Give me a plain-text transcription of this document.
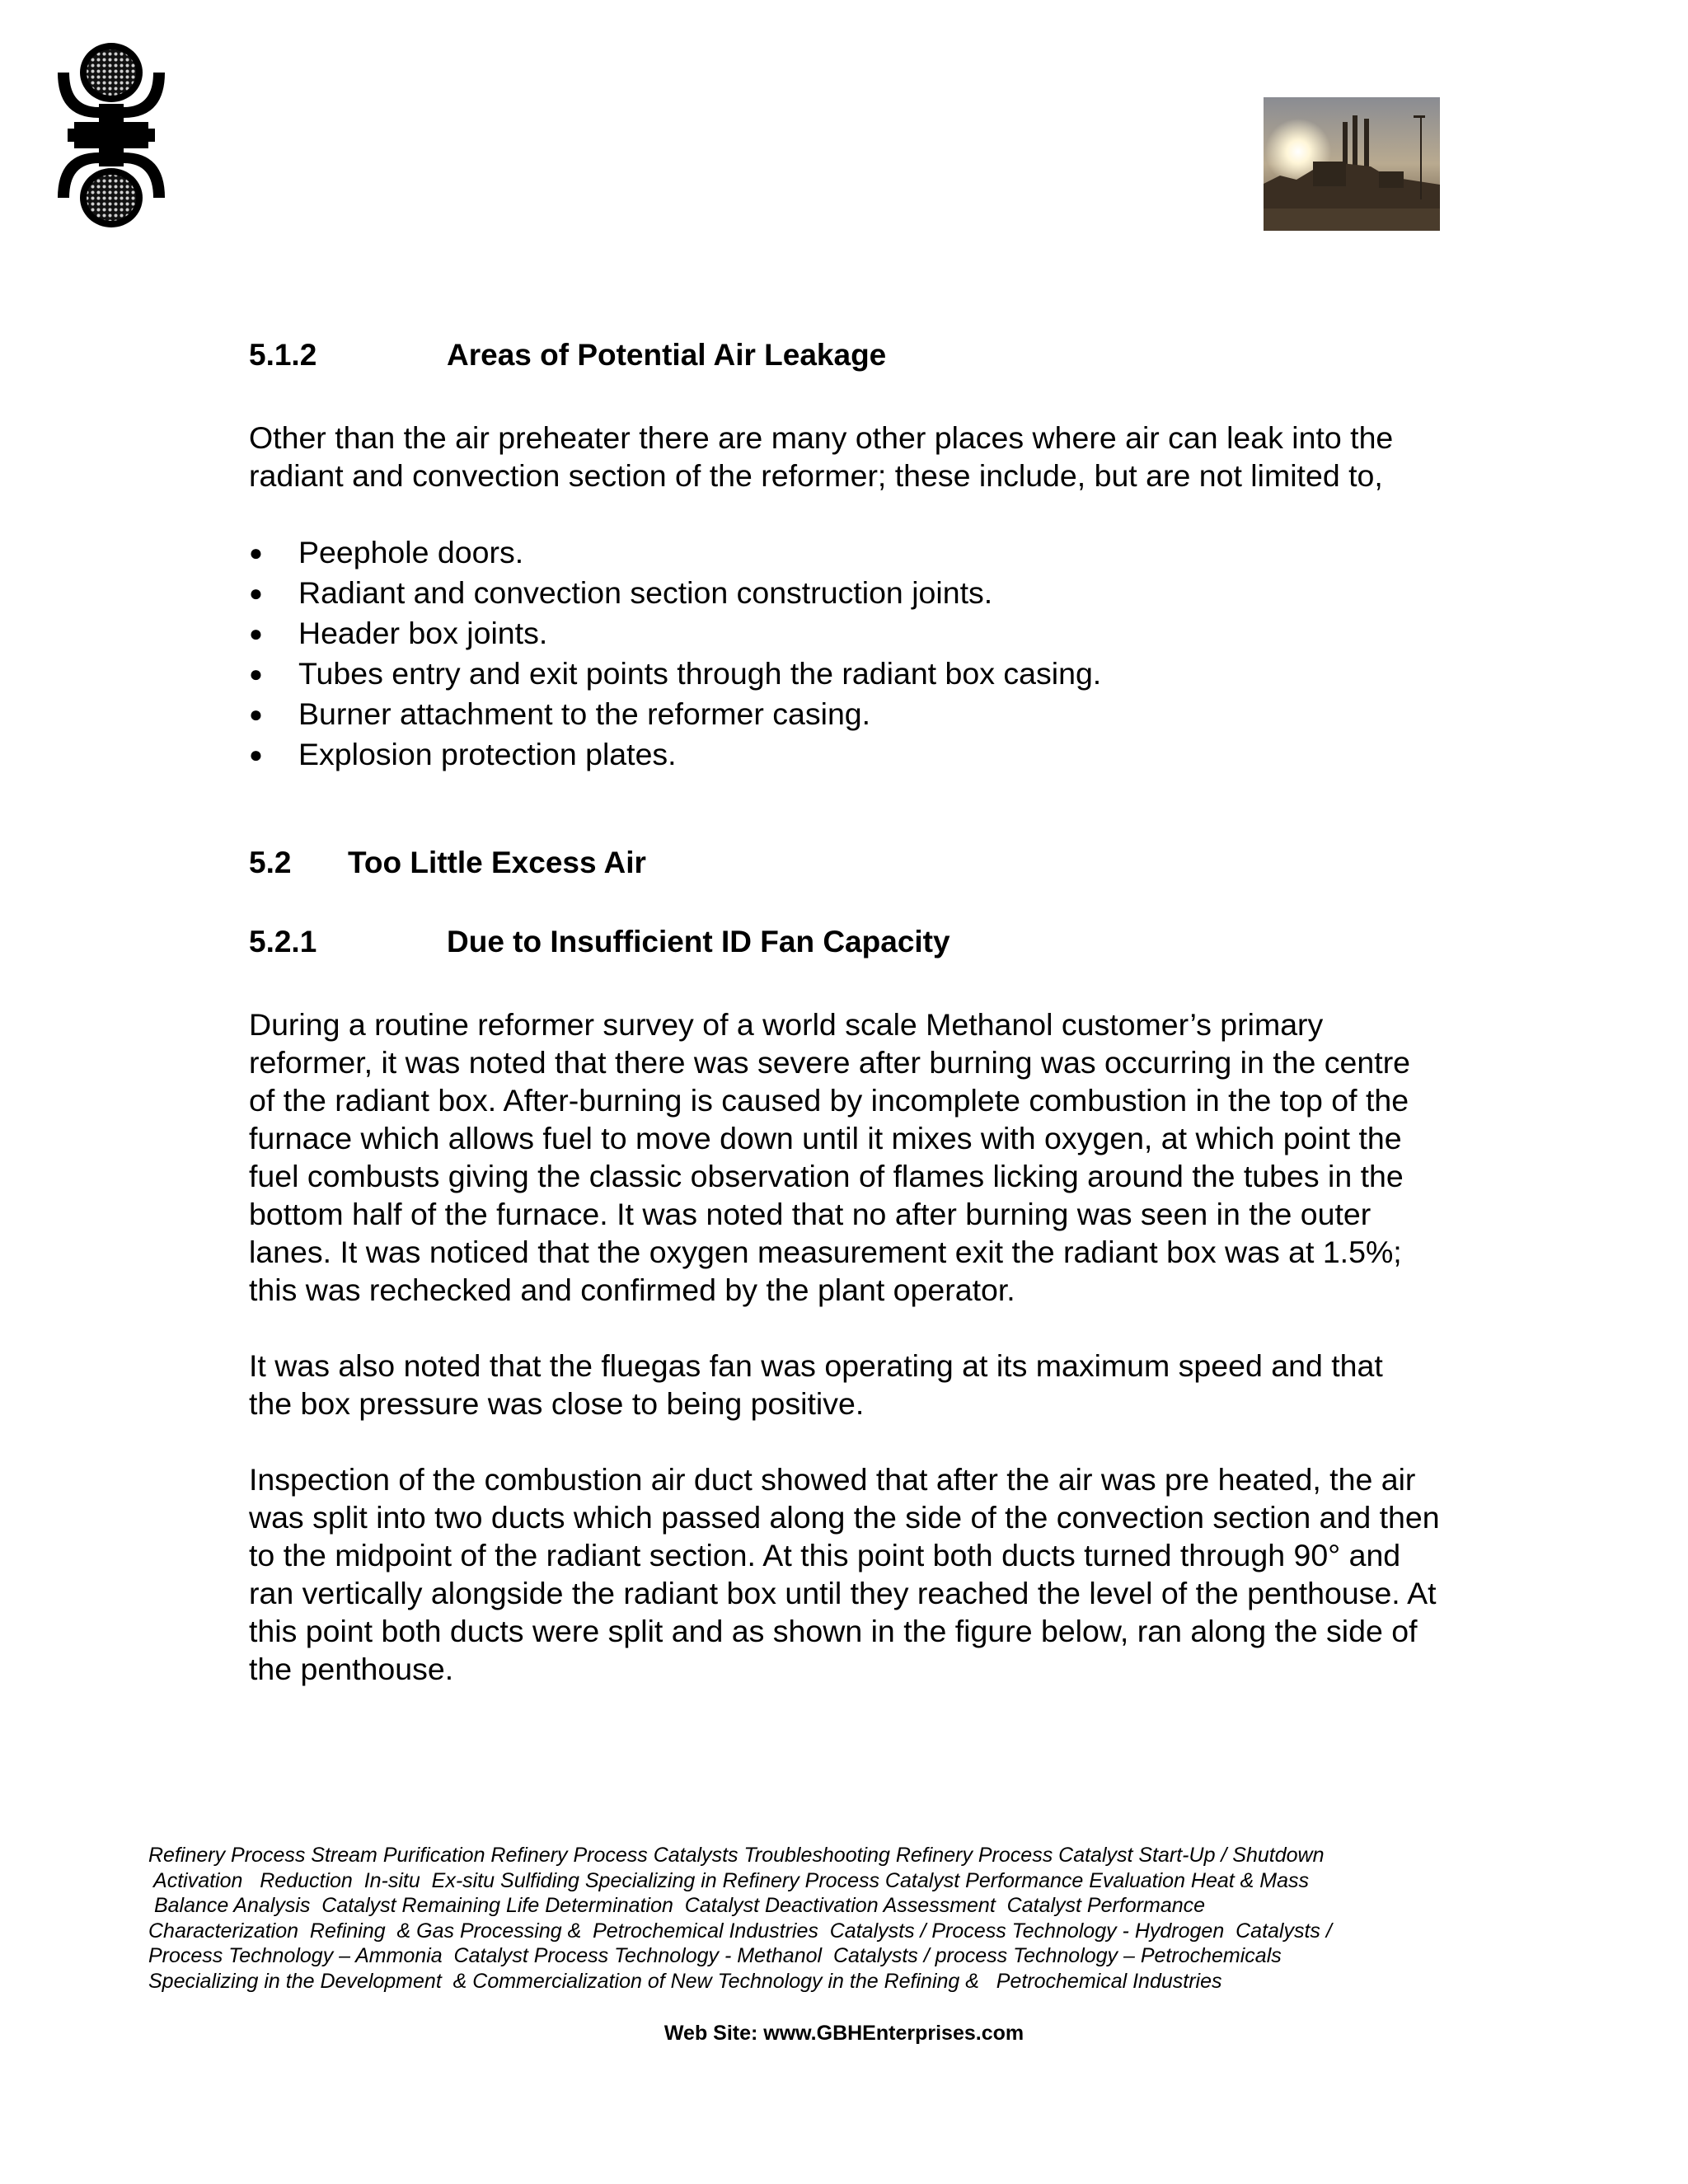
5.1.2	Areas of Potential Air Leakage

Other than the air preheater there are many other places where air can leak into the radiant and convection section of the reformer; these include, but are not limited to,

● Peephole doors.
● Radiant and convection section construction joints.
● Header box joints.
● Tubes entry and exit points through the radiant box casing.
● Burner attachment to the reformer casing.
● Explosion protection plates.
5.2	Too Little Excess Air
5.2.1	Due to Insufficient ID Fan Capacity

During a routine reformer survey of a world scale Methanol customer’s primary reformer, it was noted that there was severe after burning was occurring in the centre of the radiant box. After-burning is caused by incomplete combustion in the top of the furnace which allows fuel to move down until it mixes with oxygen, at which point the fuel combusts giving the classic observation of flames licking around the tubes in the bottom half of the furnace. It was noted that no after burning was seen in the outer lanes. It was noticed that the oxygen measurement exit the radiant box was at 1.5%; this was rechecked and confirmed by the plant operator.

It was also noted that the fluegas fan was operating at its maximum speed and that the box pressure was close to being positive.

Inspection of the combustion air duct showed that after the air was pre heated, the air was split into two ducts which passed along the side of the convection section and then to the midpoint of the radiant section. At this point both ducts turned through 90° and ran vertically alongside the radiant box until they reached the level of the penthouse. At this point both ducts were split and as shown in the figure below, ran along the side of the penthouse.

Refinery Process Stream Purification Refinery Process Catalysts Troubleshooting Refinery Process Catalyst Start-Up / Shutdown
Activation   Reduction  In-situ  Ex-situ Sulfiding Specializing in Refinery Process Catalyst Performance Evaluation Heat & Mass
Balance Analysis  Catalyst Remaining Life Determination  Catalyst Deactivation Assessment  Catalyst Performance
Characterization  Refining  & Gas Processing &  Petrochemical Industries  Catalysts / Process Technology - Hydrogen  Catalysts /
Process Technology – Ammonia  Catalyst Process Technology - Methanol  Catalysts / process Technology – Petrochemicals
Specializing in the Development  & Commercialization of New Technology in the Refining &   Petrochemical Industries
Web Site: www.GBHEnterprises.com
